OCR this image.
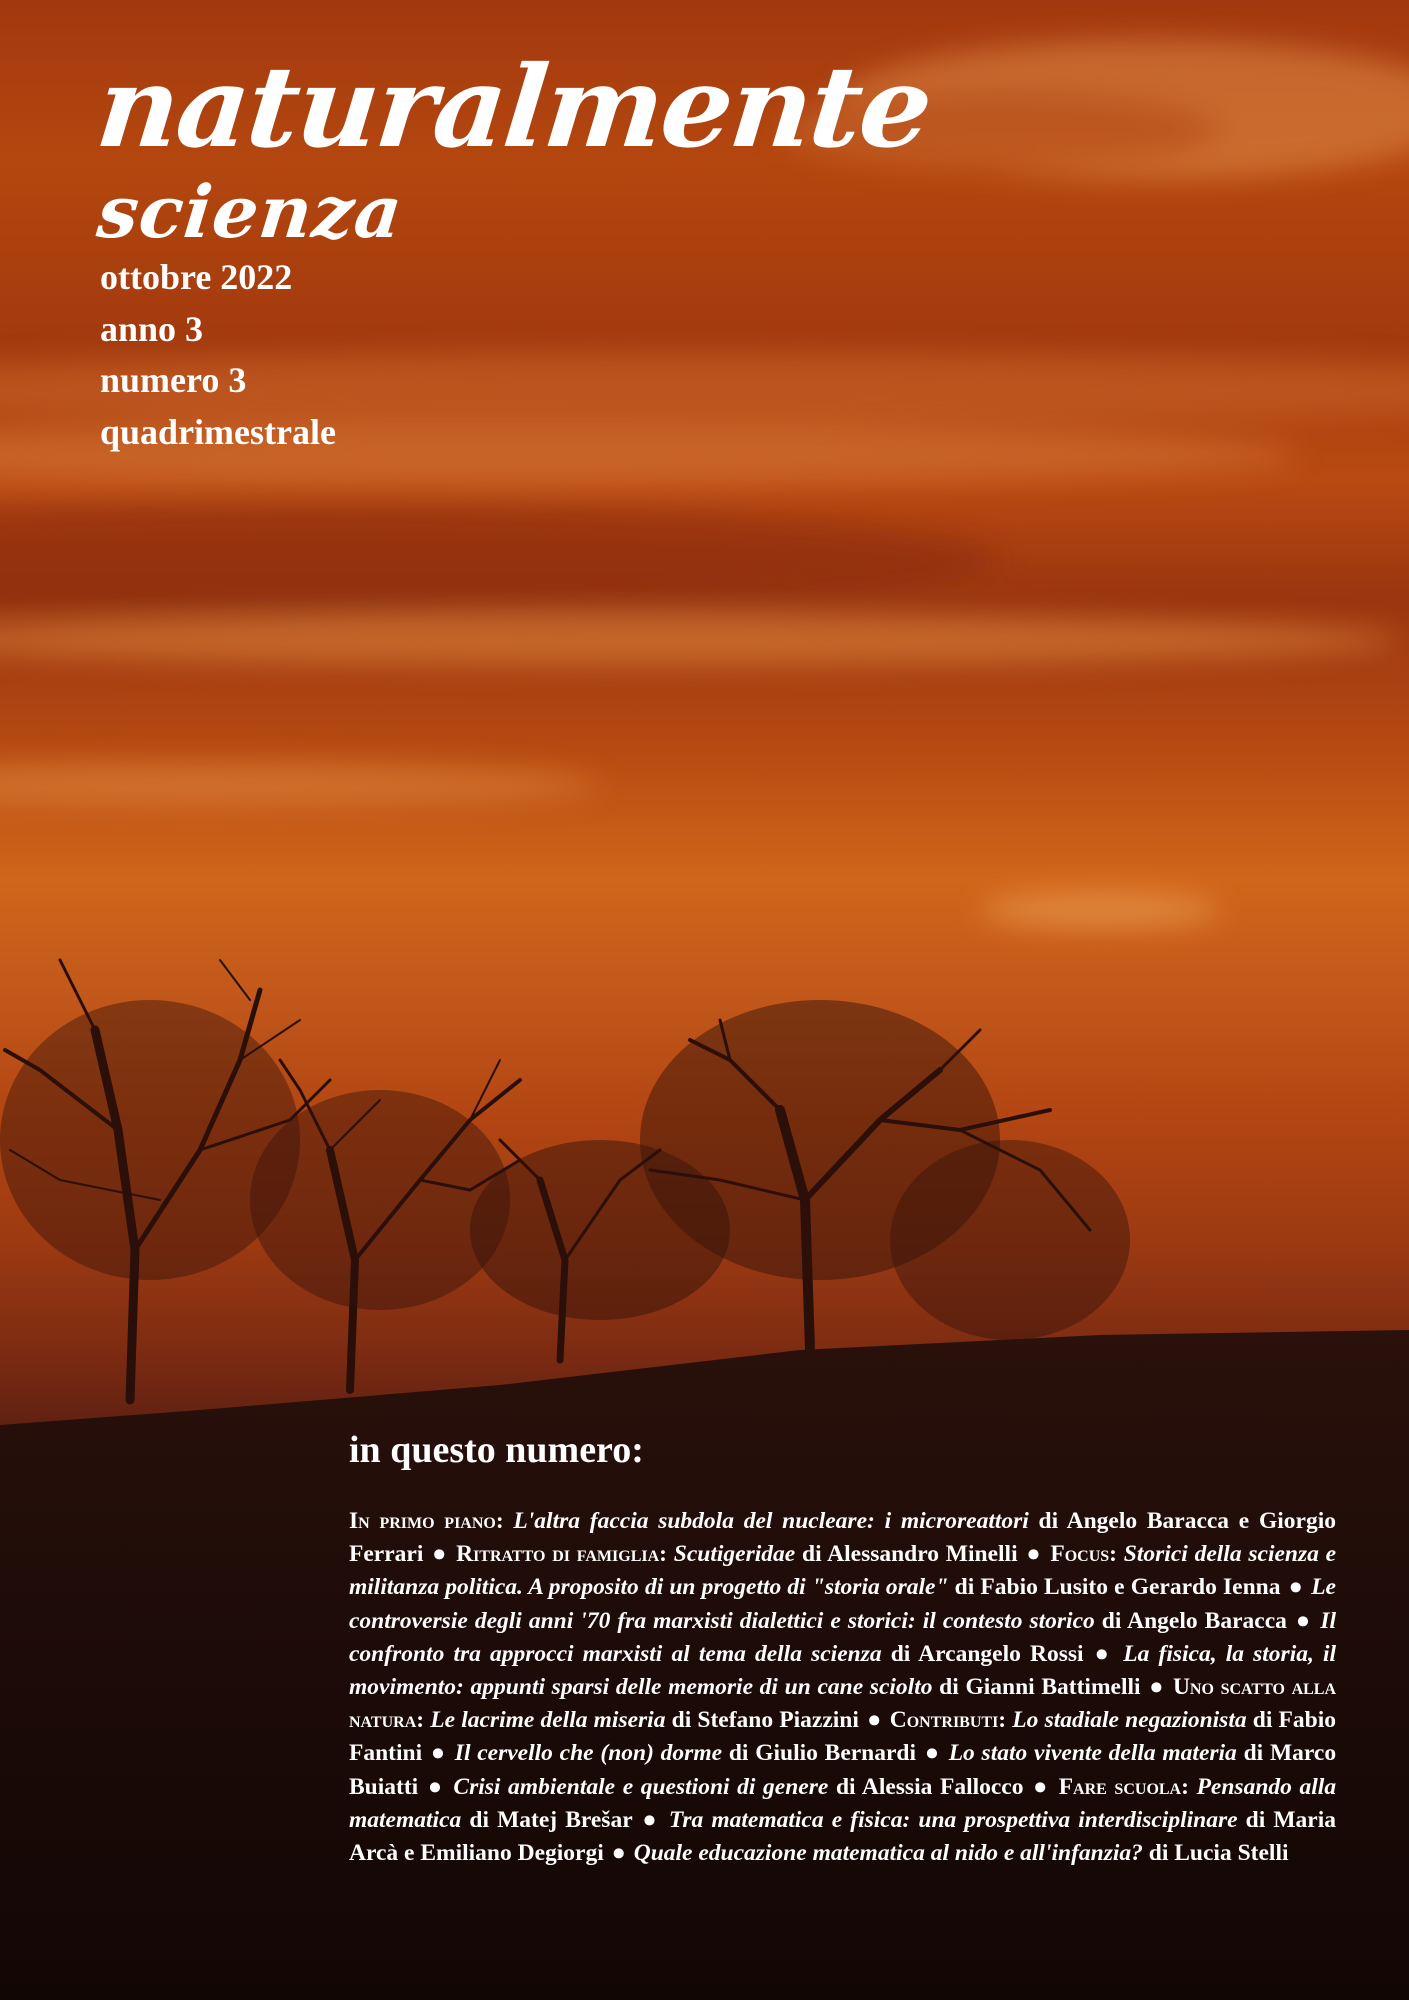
naturalmente
scienza
ottobre 2022
anno 3
numero 3
quadrimestrale
in questo numero:
In primo piano: L'altra faccia subdola del nucleare: i microreattori di Angelo Baracca e Giorgio Ferrari ● Ritratto di famiglia: Scutigeridae di Alessandro Minelli ● Focus: Storici della scienza e militanza politica. A proposito di un progetto di "storia orale" di Fabio Lusito e Gerardo Ienna ● Le controversie degli anni '70 fra marxisti dialettici e storici: il contesto storico di Angelo Baracca ● Il confronto tra approcci marxisti al tema della scienza di Arcangelo Rossi ● La fisica, la storia, il movimento: appunti sparsi delle memorie di un cane sciolto di Gianni Battimelli ● Uno scatto alla natura: Le lacrime della miseria di Stefano Piazzini ● Contributi: Lo stadiale negazionista di Fabio Fantini ● Il cervello che (non) dorme di Giulio Bernardi ● Lo stato vivente della materia di Marco Buiatti ● Crisi ambientale e questioni di genere di Alessia Fallocco ● Fare scuola: Pensando alla matematica di Matej Brešar ● Tra matematica e fisica: una prospettiva interdisciplinare di Maria Arcà e Emiliano Degiorgi ● Quale educazione matematica al nido e all'infanzia? di Lucia Stelli
